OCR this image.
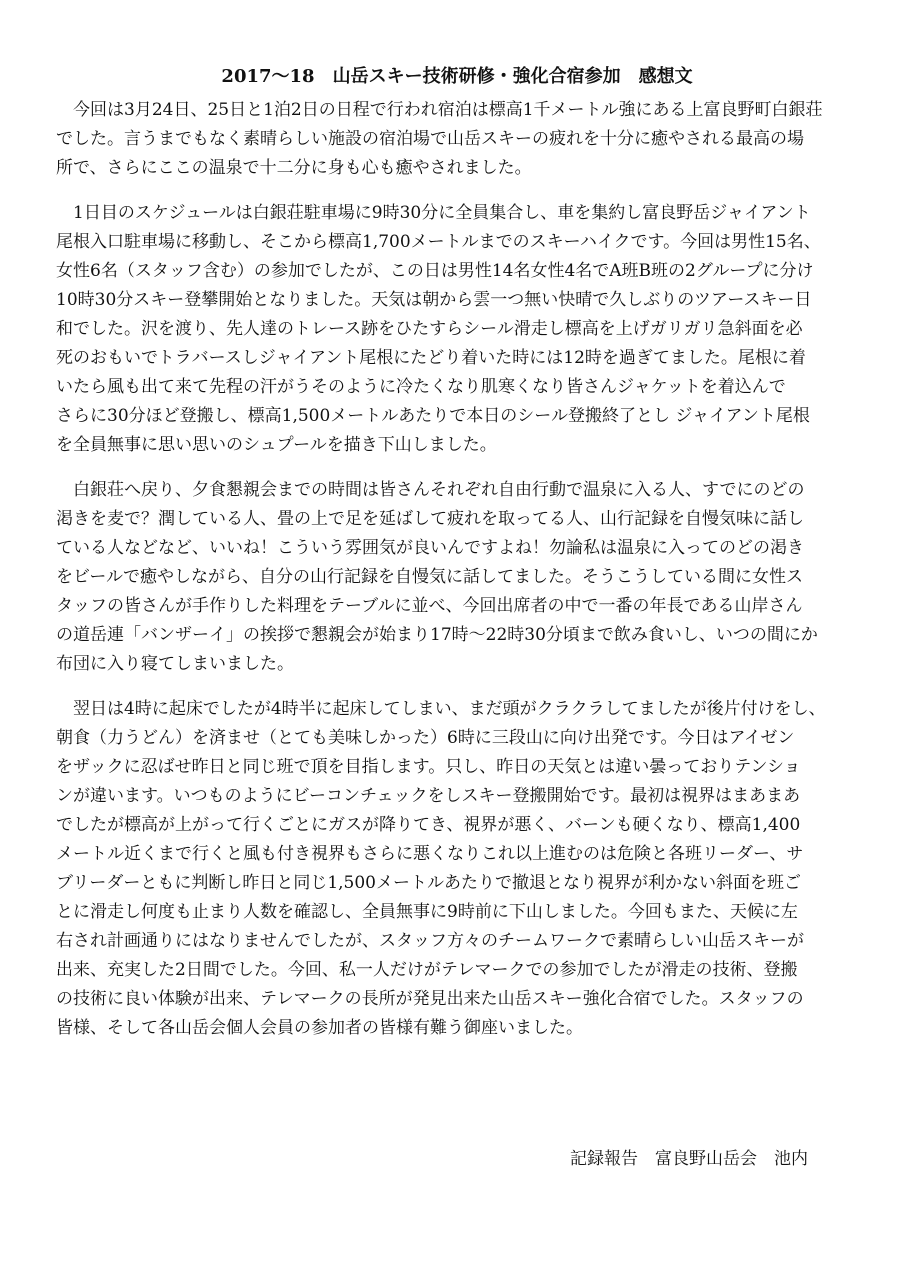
2017～18　山岳スキー技術研修・強化合宿参加　感想文

　今回は3月24日、25日と1泊2日の日程で行われ宿泊は標高1千メートル強にある上富良野町白銀荘
でした。言うまでもなく素晴らしい施設の宿泊場で山岳スキーの疲れを十分に癒やされる最高の場
所で、さらにここの温泉で十二分に身も心も癒やされました。

　1日目のスケジュールは白銀荘駐車場に9時30分に全員集合し、車を集約し富良野岳ジャイアント
尾根入口駐車場に移動し、そこから標高1,700メートルまでのスキーハイクです。今回は男性15名、
女性6名（スタッフ含む）の参加でしたが、この日は男性14名女性4名でA班B班の2グループに分け
10時30分スキー登攀開始となりました。天気は朝から雲一つ無い快晴で久しぶりのツアースキー日
和でした。沢を渡り、先人達のトレース跡をひたすらシール滑走し標高を上げガリガリ急斜面を必
死のおもいでトラバースしジャイアント尾根にたどり着いた時には12時を過ぎてました。尾根に着
いたら風も出て来て先程の汗がうそのように冷たくなり肌寒くなり皆さんジャケットを着込んで
さらに30分ほど登搬し、標高1,500メートルあたりで本日のシール登搬終了とし ジャイアント尾根
を全員無事に思い思いのシュプールを描き下山しました。

　白銀荘へ戻り、夕食懇親会までの時間は皆さんそれぞれ自由行動で温泉に入る人、すでにのどの
渇きを麦で？潤している人、畳の上で足を延ばして疲れを取ってる人、山行記録を自慢気味に話し
ている人などなど、いいね！こういう雰囲気が良いんですよね！勿論私は温泉に入ってのどの渇き
をビールで癒やしながら、自分の山行記録を自慢気に話してました。そうこうしている間に女性ス
タッフの皆さんが手作りした料理をテーブルに並べ、今回出席者の中で一番の年長である山岸さん
の道岳連「バンザーイ」の挨拶で懇親会が始まり17時～22時30分頃まで飲み食いし、いつの間にか
布団に入り寝てしまいました。

　翌日は4時に起床でしたが4時半に起床してしまい、まだ頭がクラクラしてましたが後片付けをし、
朝食（力うどん）を済ませ（とても美味しかった）6時に三段山に向け出発です。今日はアイゼン
をザックに忍ばせ昨日と同じ班で頂を目指します。只し、昨日の天気とは違い曇っておりテンショ
ンが違います。いつものようにビーコンチェックをしスキー登搬開始です。最初は視界はまあまあ
でしたが標高が上がって行くごとにガスが降りてき、視界が悪く、バーンも硬くなり、標高1,400
メートル近くまで行くと風も付き視界もさらに悪くなりこれ以上進むのは危険と各班リーダー、サ
ブリーダーともに判断し昨日と同じ1,500メートルあたりで撤退となり視界が利かない斜面を班ご
とに滑走し何度も止まり人数を確認し、全員無事に9時前に下山しました。今回もまた、天候に左
右され計画通りにはなりませんでしたが、スタッフ方々のチームワークで素晴らしい山岳スキーが
出来、充実した2日間でした。今回、私一人だけがテレマークでの参加でしたが滑走の技術、登搬
の技術に良い体験が出来、テレマークの長所が発見出来た山岳スキー強化合宿でした。スタッフの
皆様、そして各山岳会個人会員の参加者の皆様有難う御座いました。

記録報告　富良野山岳会　池内
